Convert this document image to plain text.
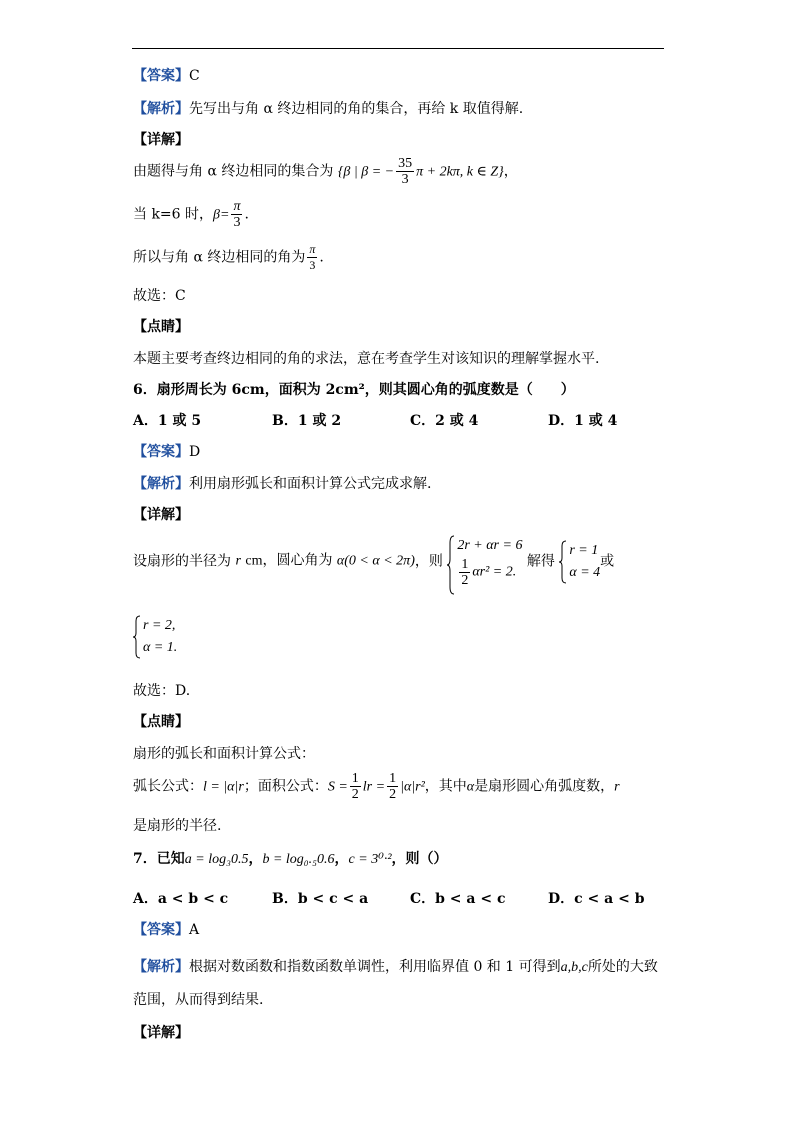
【答案】C
【解析】先写出与角 α 终边相同的角的集合，再给 k 取值得解.
【详解】
由题得与角 α 终边相同的集合为 {β | β = − $\frac{35}{3}$ π + 2kπ, k ∈ Z}，
当 k=6 时，$\beta= \frac{\pi}{3}$ .
所以与角 α 终边相同的角为 $\frac{\pi}{3}$ .
故选：C
【点睛】
本题主要考查终边相同的角的求法，意在考查学生对该知识的理解掌握水平.
6．扇形周长为 6cm，面积为 2cm²，则其圆心角的弧度数是（　　）
A．1 或 5	B．1 或 2	C．2 或 4	D．1 或 4
【答案】D
【解析】利用扇形弧长和面积计算公式完成求解.
【详解】
设扇形的半径为 r cm，圆心角为 α(0 < α < 2π)，则
2r + αr = 6
$\frac{1}{2} \alpha r^2 = 2$.
解得
r = 1
α = 4
或
r = 2,
α = 1.
故选：D.
【点睛】
扇形的弧长和面积计算公式：
弧长公式：l = |α|r；面积公式：$S = \frac{1}{2}$ lr = $\frac{1}{2} |\alpha|r^2$，其中α是扇形圆心角弧度数，r
是扇形的半径.
7．已知a = log₃0.5，b = log₀.₅0.6，c = 3⁰·²，则（）
A．a < b < c	B．b < c < a	C．b < a < c	D．c < a < b
【答案】A
【解析】根据对数函数和指数函数单调性，利用临界值 0 和 1 可得到a,b,c所处的大致
范围，从而得到结果.
【详解】
